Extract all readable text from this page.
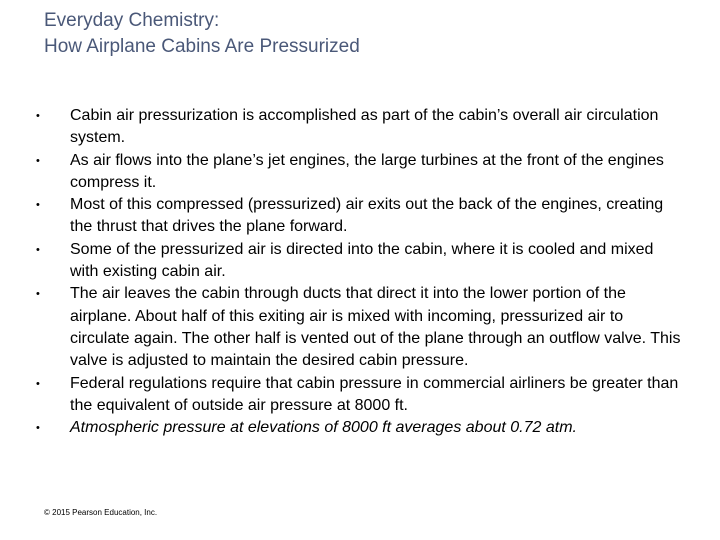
Everyday Chemistry:
How Airplane Cabins Are Pressurized
• Cabin air pressurization is accomplished as part of the cabin’s overall air circulation system.
• As air flows into the plane’s jet engines, the large turbines at the front of the engines compress it.
• Most of this compressed (pressurized) air exits out the back of the engines, creating the thrust that drives the plane forward.
• Some of the pressurized air is directed into the cabin, where it is cooled and mixed with existing cabin air.
• The air leaves the cabin through ducts that direct it into the lower portion of the airplane. About half of this exiting air is mixed with incoming, pressurized air to circulate again. The other half is vented out of the plane through an outflow valve. This valve is adjusted to maintain the desired cabin pressure.
• Federal regulations require that cabin pressure in commercial airliners be greater than the equivalent of outside air pressure at 8000 ft.
• Atmospheric pressure at elevations of 8000 ft averages about 0.72 atm.
© 2015 Pearson Education, Inc.
